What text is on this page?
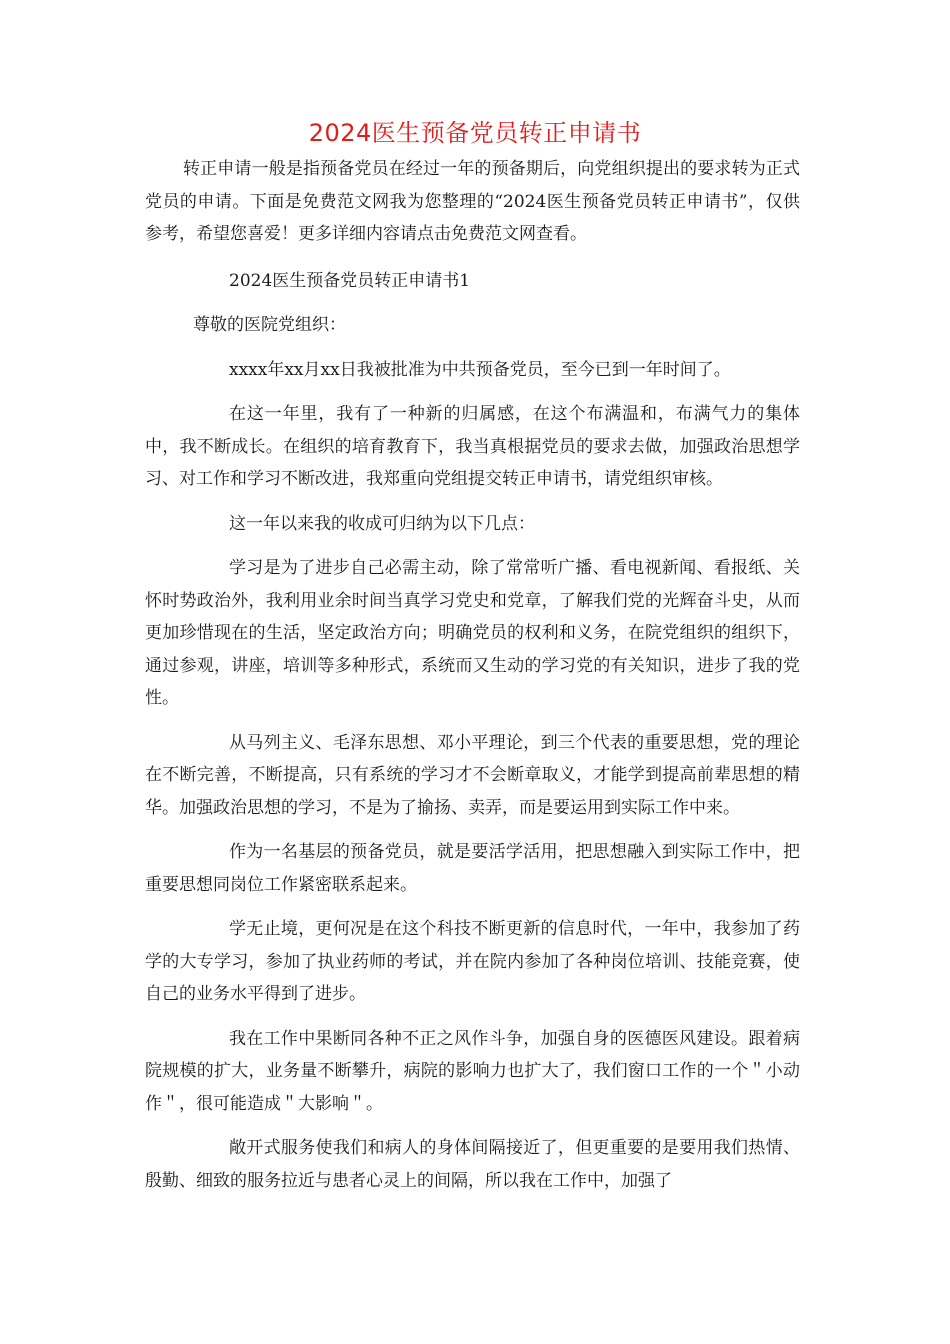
2024医生预备党员转正申请书

转正申请一般是指预备党员在经过一年的预备期后，向党组织提出的要求转为正式党员的申请。下面是免费范文网我为您整理的“2024医生预备党员转正申请书”，仅供参考，希望您喜爱！更多详细内容请点击免费范文网查看。

2024医生预备党员转正申请书1

尊敬的医院党组织：

xxxx年xx月xx日我被批准为中共预备党员，至今已到一年时间了。

在这一年里，我有了一种新的归属感，在这个布满温和，布满气力的集体中，我不断成长。在组织的培育教育下，我当真根据党员的要求去做，加强政治思想学习、对工作和学习不断改进，我郑重向党组提交转正申请书，请党组织审核。

这一年以来我的收成可归纳为以下几点：

学习是为了进步自己必需主动，除了常常听广播、看电视新闻、看报纸、关怀时势政治外，我利用业余时间当真学习党史和党章，了解我们党的光辉奋斗史，从而更加珍惜现在的生活，坚定政治方向；明确党员的权利和义务，在院党组织的组织下，通过参观，讲座，培训等多种形式，系统而又生动的学习党的有关知识，进步了我的党性。

从马列主义、毛泽东思想、邓小平理论，到三个代表的重要思想，党的理论在不断完善，不断提高，只有系统的学习才不会断章取义，才能学到提高前辈思想的精华。加强政治思想的学习，不是为了揄扬、卖弄，而是要运用到实际工作中来。

作为一名基层的预备党员，就是要活学活用，把思想融入到实际工作中，把重要思想同岗位工作紧密联系起来。

学无止境，更何况是在这个科技不断更新的信息时代，一年中，我参加了药学的大专学习，参加了执业药师的考试，并在院内参加了各种岗位培训、技能竞赛，使自己的业务水平得到了进步。

我在工作中果断同各种不正之风作斗争，加强自身的医德医风建设。跟着病院规模的扩大，业务量不断攀升，病院的影响力也扩大了，我们窗口工作的一个＂小动作＂，很可能造成＂大影响＂。

敞开式服务使我们和病人的身体间隔接近了，但更重要的是要用我们热情、殷勤、细致的服务拉近与患者心灵上的间隔，所以我在工作中，加强了
